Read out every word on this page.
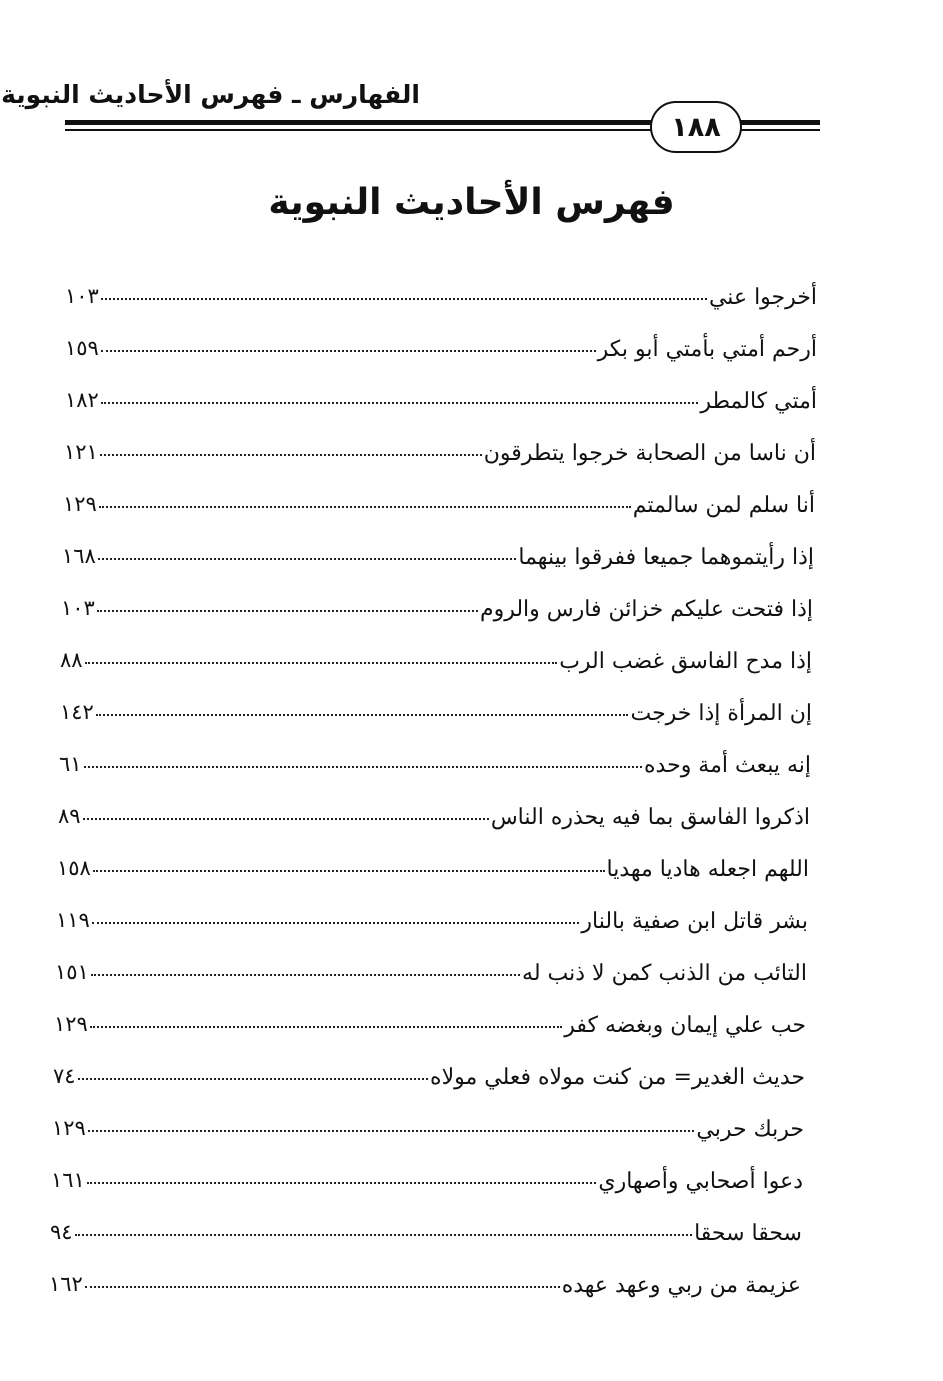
الفهارس ـ فهرس الأحاديث النبوية
١٨٨
فهرس الأحاديث النبوية
١٠٣	أخرجوا عني
١٥٩	أرحم أمتي بأمتي أبو بكر
١٨٢	أمتي كالمطر
١٢١	أن ناسا من الصحابة خرجوا يتطرقون
١٢٩	أنا سلم لمن سالمتم
١٦٨	إذا رأيتموهما جميعا ففرقوا بينهما
١٠٣	إذا فتحت عليكم خزائن فارس والروم
٨٨	إذا مدح الفاسق غضب الرب
١٤٢	إن المرأة إذا خرجت
٦١	إنه يبعث أمة وحده
٨٩	اذكروا الفاسق بما فيه يحذره الناس
١٥٨	اللهم اجعله هاديا مهديا
١١٩	بشر قاتل ابن صفية بالنار
١٥١	التائب من الذنب كمن لا ذنب له
١٢٩	حب علي إيمان وبغضه كفر
٧٤	حديث الغدير= من كنت مولاه فعلي مولاه
١٢٩	حربك حربي
١٦١	دعوا أصحابي وأصهاري
٩٤	سحقا سحقا
١٦٢	عزيمة من ربي وعهد عهده
